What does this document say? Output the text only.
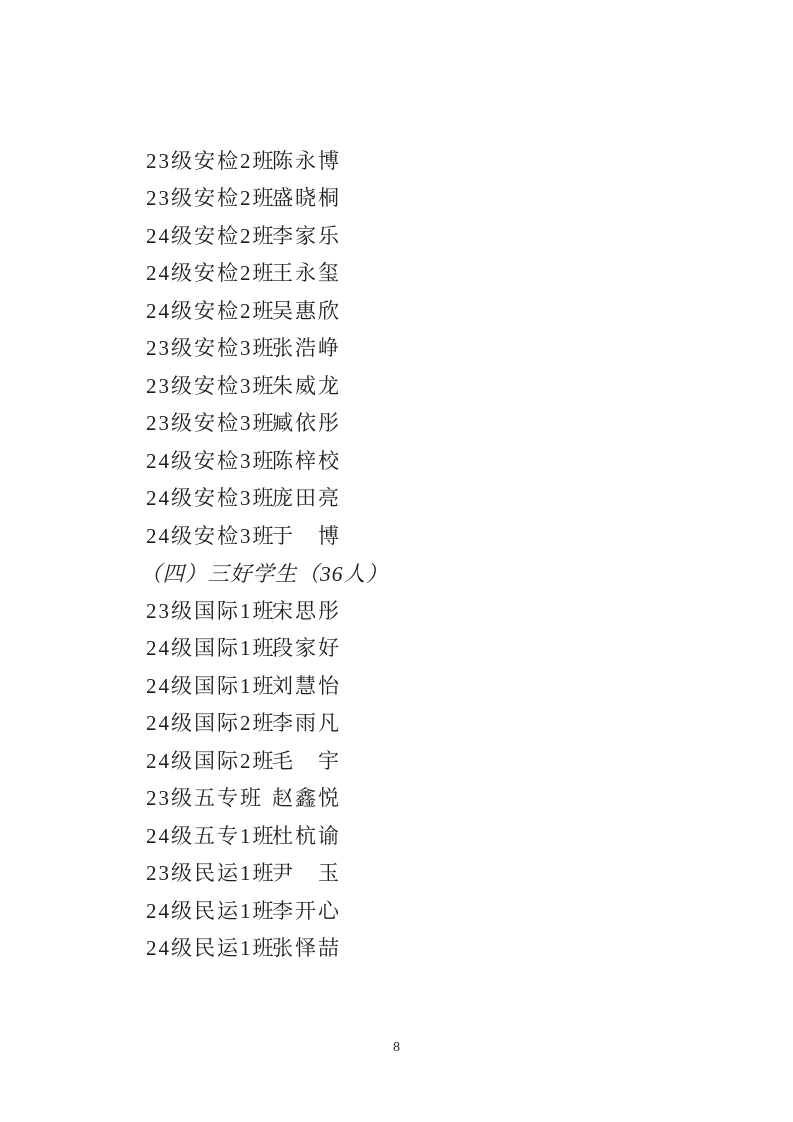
23级安检2班
陈永博
23级安检2班
盛晓桐
24级安检2班
李家乐
24级安检2班
王永玺
24级安检2班
吴惠欣
23级安检3班
张浩峥
23级安检3班
朱威龙
23级安检3班
臧依彤
24级安检3班
陈梓校
24级安检3班
庞田亮
24级安检3班
于　博
（四）三好学生（36人）
23级国际1班
宋思彤
24级国际1班
段家好
24级国际1班
刘慧怡
24级国际2班
李雨凡
24级国际2班
毛　宇
23级五专班 赵鑫悦
24级五专1班
杜杭谕
23级民运1班
尹　玉
24级民运1班
李开心
24级民运1班
张怿喆
8
